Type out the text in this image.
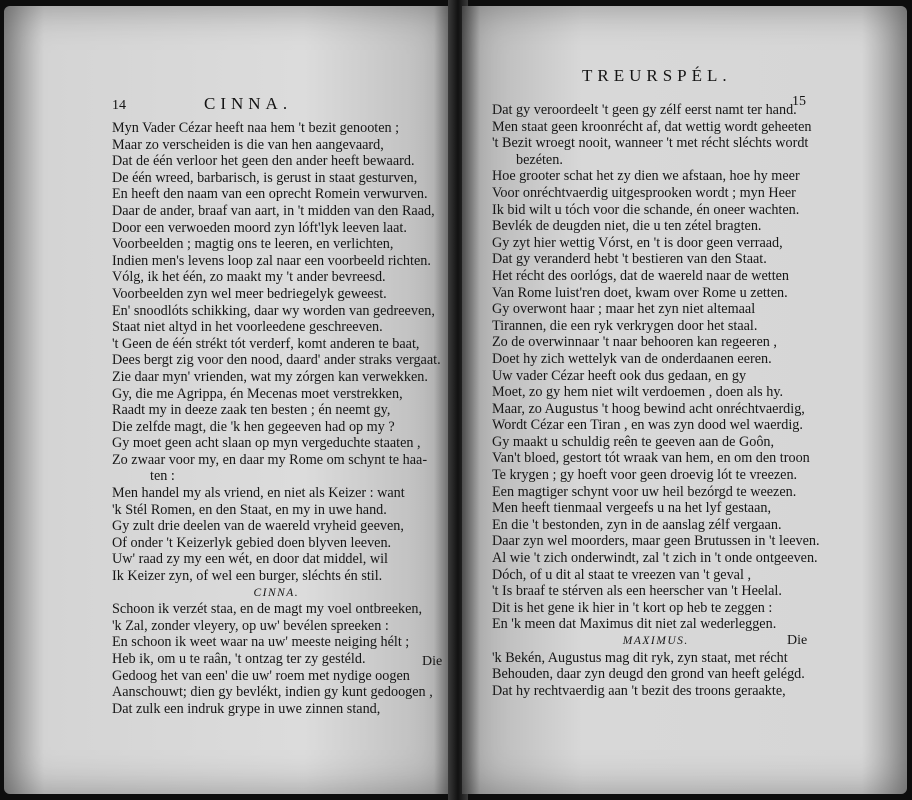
14	CINNA.
Myn Vader Cézar heeft naa hem 't bezit genooten ;
Maar zo verscheiden is die van hen aangevaard,
Dat de één verloor het geen den ander heeft bewaard.
De één wreed, barbarisch, is gerust in staat gesturven,
En heeft den naam van een oprecht Romein verwurven.
Daar de ander, braaf van aart, in 't midden van den Raad,
Door een verwoeden moord zyn lóft'lyk leeven laat.
Voorbeelden ; magtig ons te leeren, en verlichten,
Indien men's levens loop zal naar een voorbeeld richten.
Vólg, ik het één, zo maakt my 't ander bevreesd.
Voorbeelden zyn wel meer bedriegelyk geweest.
En' snoodlóts schikking, daar wy worden van gedreeven,
Staat niet altyd in het voorleedene geschreeven.
't Geen de één strékt tót verderf, komt anderen te baat,
Dees bergt zig voor den nood, daard' ander straks vergaat.
Zie daar myn' vrienden, wat my zórgen kan verwekken.
Gy, die me Agrippa, én Mecenas moet verstrekken,
Raadt my in deeze zaak ten besten ; én neemt gy,
Die zelfde magt, die 'k hen gegeeven had op my ?
Gy moet geen acht slaan op myn vergeduchte staaten ,
Zo zwaar voor my, en daar my Rome om schynt te haa-
ten :
Men handel my als vriend, en niet als Keizer : want
'k Stél Romen, en den Staat, en my in uwe hand.
Gy zult drie deelen van de waereld vryheid geeven,
Of onder 't Keizerlyk gebied doen blyven leeven.
Uw' raad zy my een wét, en door dat middel, wil
Ik Keizer zyn, of wel een burger, sléchts én stil.
CINNA.
Schoon ik verzét staa, en de magt my voel ontbreeken,
'k Zal, zonder vleyery, op uw' bevélen spreeken :
En schoon ik weet waar na uw' meeste neiging hélt ;
Heb ik, om u te raân, 't ontzag ter zy gestéld.
Gedoog het van een' die uw' roem met nydige oogen
Aanschouwt; dien gy bevlékt, indien gy kunt gedoogen ,
Dat zulk een indruk grype in uwe zinnen stand,
Die
TREURSPÉL.
15
Dat gy veroordeelt 't geen gy zélf eerst namt ter hand.
Men staat geen kroonrécht af, dat wettig wordt geheeten
't Bezit wroegt nooit, wanneer 't met récht sléchts wordt
bezéten.
Hoe grooter schat het zy dien we afstaan, hoe hy meer
Voor onréchtvaerdig uitgesprooken wordt ; myn Heer
Ik bid wilt u tóch voor die schande, én oneer wachten.
Bevlék de deugden niet, die u ten zétel bragten.
Gy zyt hier wettig Vórst, en 't is door geen verraad,
Dat gy veranderd hebt 't bestieren van den Staat.
Het récht des oorlógs, dat de waereld naar de wetten
Van Rome luist'ren doet, kwam over Rome u zetten.
Gy overwont haar ; maar het zyn niet altemaal
Tirannen, die een ryk verkrygen door het staal.
Zo de overwinnaar 't naar behooren kan regeeren ,
Doet hy zich wettelyk van de onderdaanen eeren.
Uw vader Cézar heeft ook dus gedaan, en gy
Moet, zo gy hem niet wilt verdoemen , doen als hy.
Maar, zo Augustus 't hoog bewind acht onréchtvaerdig,
Wordt Cézar een Tiran , en was zyn dood wel waerdig.
Gy maakt u schuldig reên te geeven aan de Goôn,
Van't bloed, gestort tót wraak van hem, en om den troon
Te krygen ; gy hoeft voor geen droevig lót te vreezen.
Een magtiger schynt voor uw heil bezórgd te weezen.
Men heeft tienmaal vergeefs u na het lyf gestaan,
En die 't bestonden, zyn in de aanslag zélf vergaan.
Daar zyn wel moorders, maar geen Brutussen in 't leeven.
Al wie 't zich onderwindt, zal 't zich in 't onde ontgeeven.
Dóch, of u dit al staat te vreezen van 't geval ,
't Is braaf te stérven als een heerscher van 't Heelal.
Dit is het gene ik hier in 't kort op heb te zeggen :
En 'k meen dat Maximus dit niet zal wederleggen.
MAXIMUS.
'k Bekén, Augustus mag dit ryk, zyn staat, met récht
Behouden, daar zyn deugd den grond van heeft gelégd.
Dat hy rechtvaerdig aan 't bezit des troons geraakte,
Die
